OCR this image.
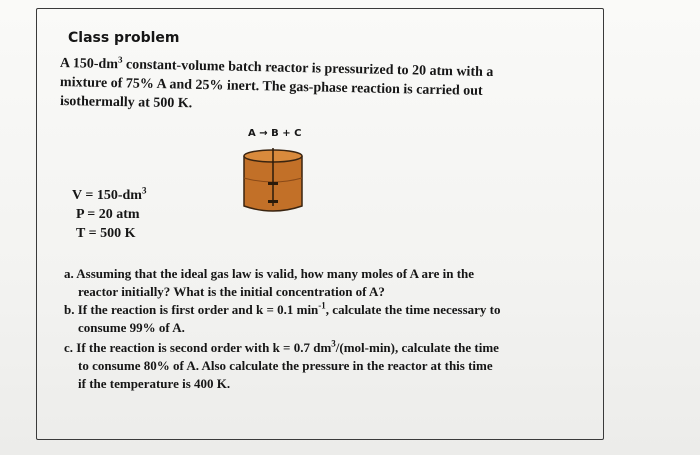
Class problem
A $150-dm^3$ constant-volume batch reactor is pressurized to 20 atm with a
mixture of 75% A and 25% inert. The gas-phase reaction is carried out
isothermally at 500 K.
A → B + C
$V = 150-dm^3$
P = 20 atm
T = 500 K
a. Assuming that the ideal gas law is valid, how many moles of A are in the
reactor initially? What is the initial concentration of A?
b. If the reaction is first order and k = 0.1 $\min^{-1}$, calculate the time necessary to
consume 99% of A.
c. If the reaction is second order with k = 0.7 $dm^3/(mol-\min)$, calculate the time
to consume 80% of A. Also calculate the pressure in the reactor at this time
if the temperature is 400 K.
